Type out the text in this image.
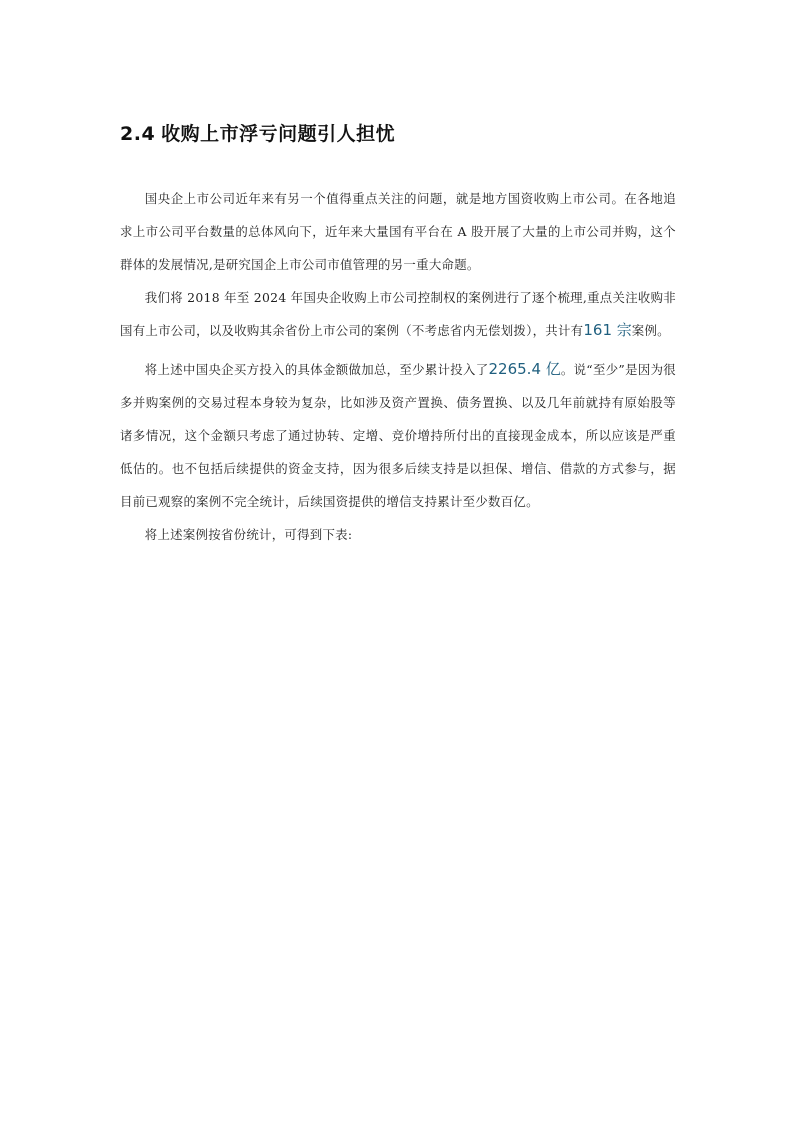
2.4 收购上市浮亏问题引人担忧

国央企上市公司近年来有另一个值得重点关注的问题，就是地方国资收购上市公司。在各地追求上市公司平台数量的总体风向下，近年来大量国有平台在 A 股开展了大量的上市公司并购，这个群体的发展情况,是研究国企上市公司市值管理的另一重大命题。

我们将 2018 年至 2024 年国央企收购上市公司控制权的案例进行了逐个梳理,重点关注收购非国有上市公司，以及收购其余省份上市公司的案例（不考虑省内无偿划拨），共计有161 宗案例。

将上述中国央企买方投入的具体金额做加总，至少累计投入了2265.4 亿。说“至少”是因为很多并购案例的交易过程本身较为复杂，比如涉及资产置换、债务置换、以及几年前就持有原始股等诸多情况，这个金额只考虑了通过协转、定增、竞价增持所付出的直接现金成本，所以应该是严重低估的。也不包括后续提供的资金支持，因为很多后续支持是以担保、增信、借款的方式参与，据目前已观察的案例不完全统计，后续国资提供的增信支持累计至少数百亿。

将上述案例按省份统计，可得到下表:
